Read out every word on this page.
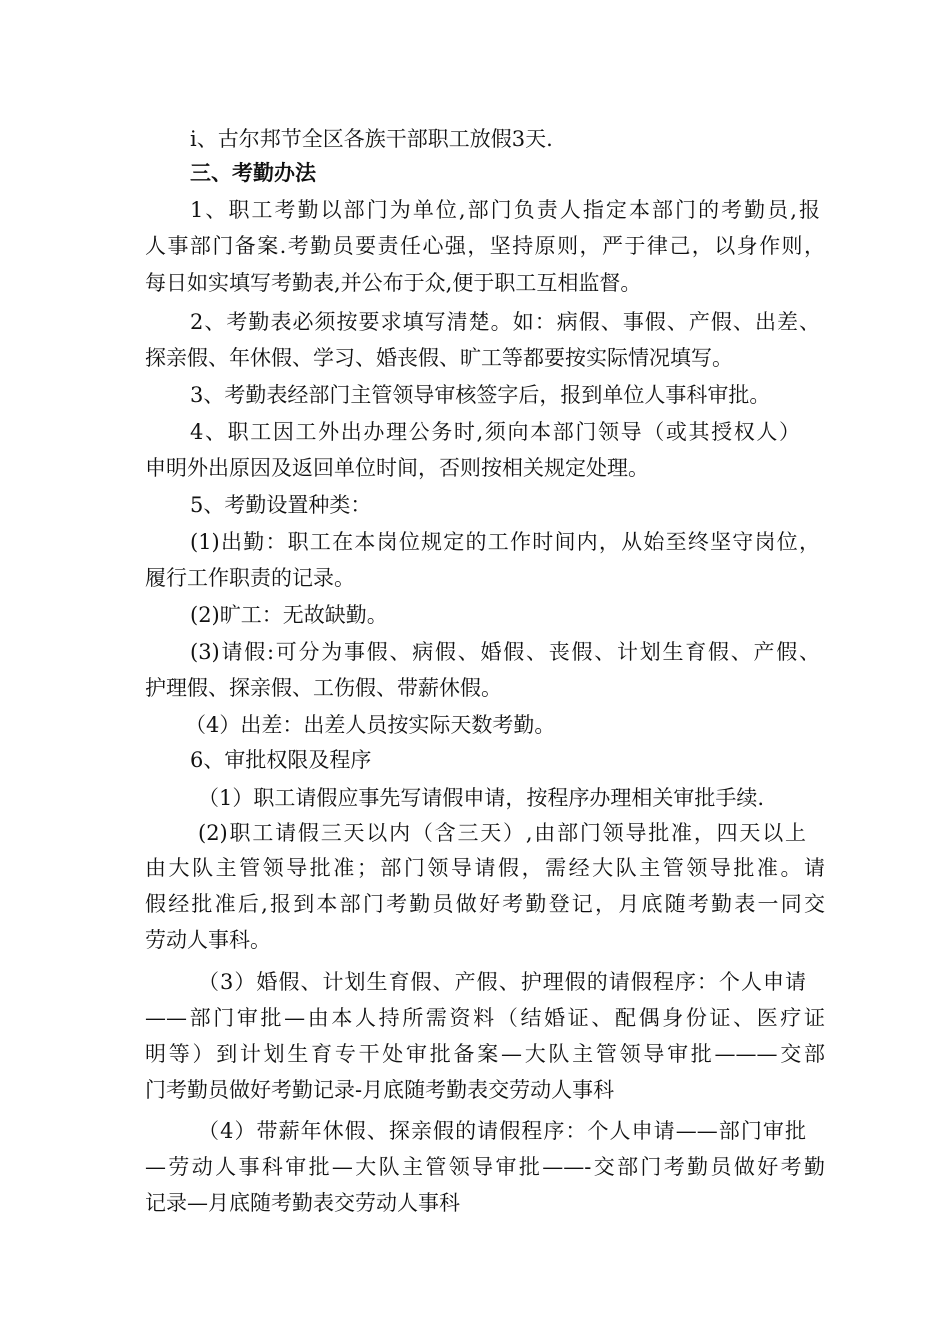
i、古尔邦节全区各族干部职工放假3天.
三、考勤办法
1、职工考勤以部门为单位,部门负责人指定本部门的考勤员,报
人事部门备案.考勤员要责任心强，坚持原则，严于律己，以身作则，
每日如实填写考勤表,并公布于众,便于职工互相监督。
2、考勤表必须按要求填写清楚。如：病假、事假、产假、出差、
探亲假、年休假、学习、婚丧假、旷工等都要按实际情况填写。
3、考勤表经部门主管领导审核签字后，报到单位人事科审批。
4、职工因工外出办理公务时,须向本部门领导（或其授权人）
申明外出原因及返回单位时间，否则按相关规定处理。
5、考勤设置种类：
(1)出勤：职工在本岗位规定的工作时间内，从始至终坚守岗位，
履行工作职责的记录。
(2)旷工：无故缺勤。
(3)请假:可分为事假、病假、婚假、丧假、计划生育假、产假、
护理假、探亲假、工伤假、带薪休假。
（4）出差：出差人员按实际天数考勤。
6、审批权限及程序
（1）职工请假应事先写请假申请，按程序办理相关审批手续.
(2)职工请假三天以内（含三天）,由部门领导批准，四天以上
由大队主管领导批准；部门领导请假，需经大队主管领导批准。请
假经批准后,报到本部门考勤员做好考勤登记，月底随考勤表一同交
劳动人事科。
（3）婚假、计划生育假、产假、护理假的请假程序：个人申请
——部门审批—由本人持所需资料（结婚证、配偶身份证、医疗证
明等）到计划生育专干处审批备案—大队主管领导审批———交部
门考勤员做好考勤记录-月底随考勤表交劳动人事科
（4）带薪年休假、探亲假的请假程序：个人申请——部门审批
—劳动人事科审批—大队主管领导审批——-交部门考勤员做好考勤
记录—月底随考勤表交劳动人事科
